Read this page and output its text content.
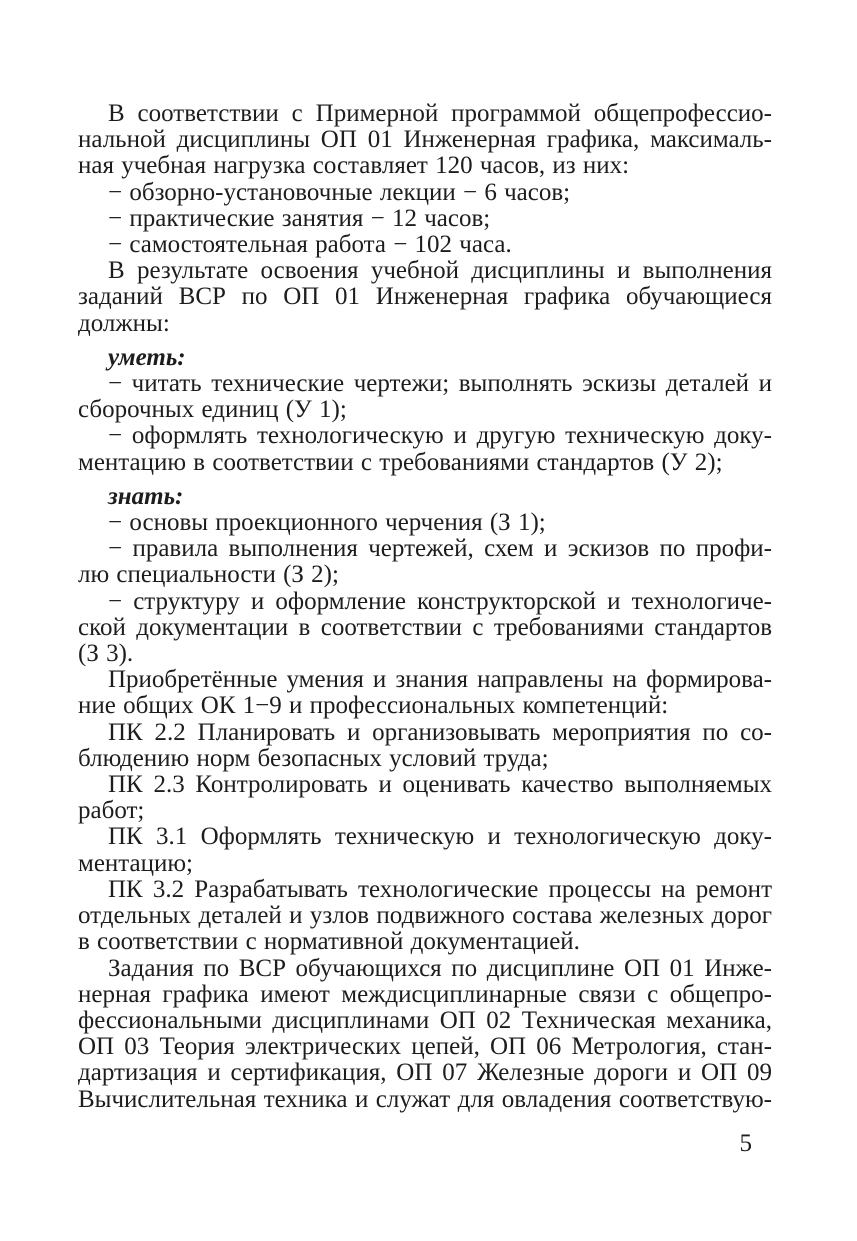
В соответствии с Примерной программой общепрофессио-
нальной дисциплины ОП 01 Инженерная графика, максималь-
ная учебная нагрузка составляет 120 часов, из них:
− обзорно-установочные лекции − 6 часов;
− практические занятия − 12 часов;
− самостоятельная работа − 102 часа.
В результате освоения учебной дисциплины и выполнения
заданий ВСР по ОП 01 Инженерная графика обучающиеся
должны:
уметь:
− читать технические чертежи; выполнять эскизы деталей и
сборочных единиц (У 1);
− оформлять технологическую и другую техническую доку-
ментацию в соответствии с требованиями стандартов (У 2);
знать:
− основы проекционного черчения (З 1);
− правила выполнения чертежей, схем и эскизов по профи-
лю специальности (З 2);
− структуру и оформление конструкторской и технологиче-
ской документации в соответствии с требованиями стандартов
(З 3).
Приобретённые умения и знания направлены на формирова-
ние общих ОК 1−9 и профессиональных компетенций:
ПК 2.2 Планировать и организовывать мероприятия по со-
блюдению норм безопасных условий труда;
ПК 2.3 Контролировать и оценивать качество выполняемых
работ;
ПК 3.1 Оформлять техническую и технологическую доку-
ментацию;
ПК 3.2 Разрабатывать технологические процессы на ремонт
отдельных деталей и узлов подвижного состава железных дорог
в соответствии с нормативной документацией.
Задания по ВСР обучающихся по дисциплине ОП 01 Инже-
нерная графика имеют междисциплинарные связи с общепро-
фессиональными дисциплинами ОП 02 Техническая механика,
ОП 03 Теория электрических цепей, ОП 06 Метрология, стан-
дартизация и сертификация, ОП 07 Железные дороги и ОП 09
Вычислительная техника и служат для овладения соответствую-
5
